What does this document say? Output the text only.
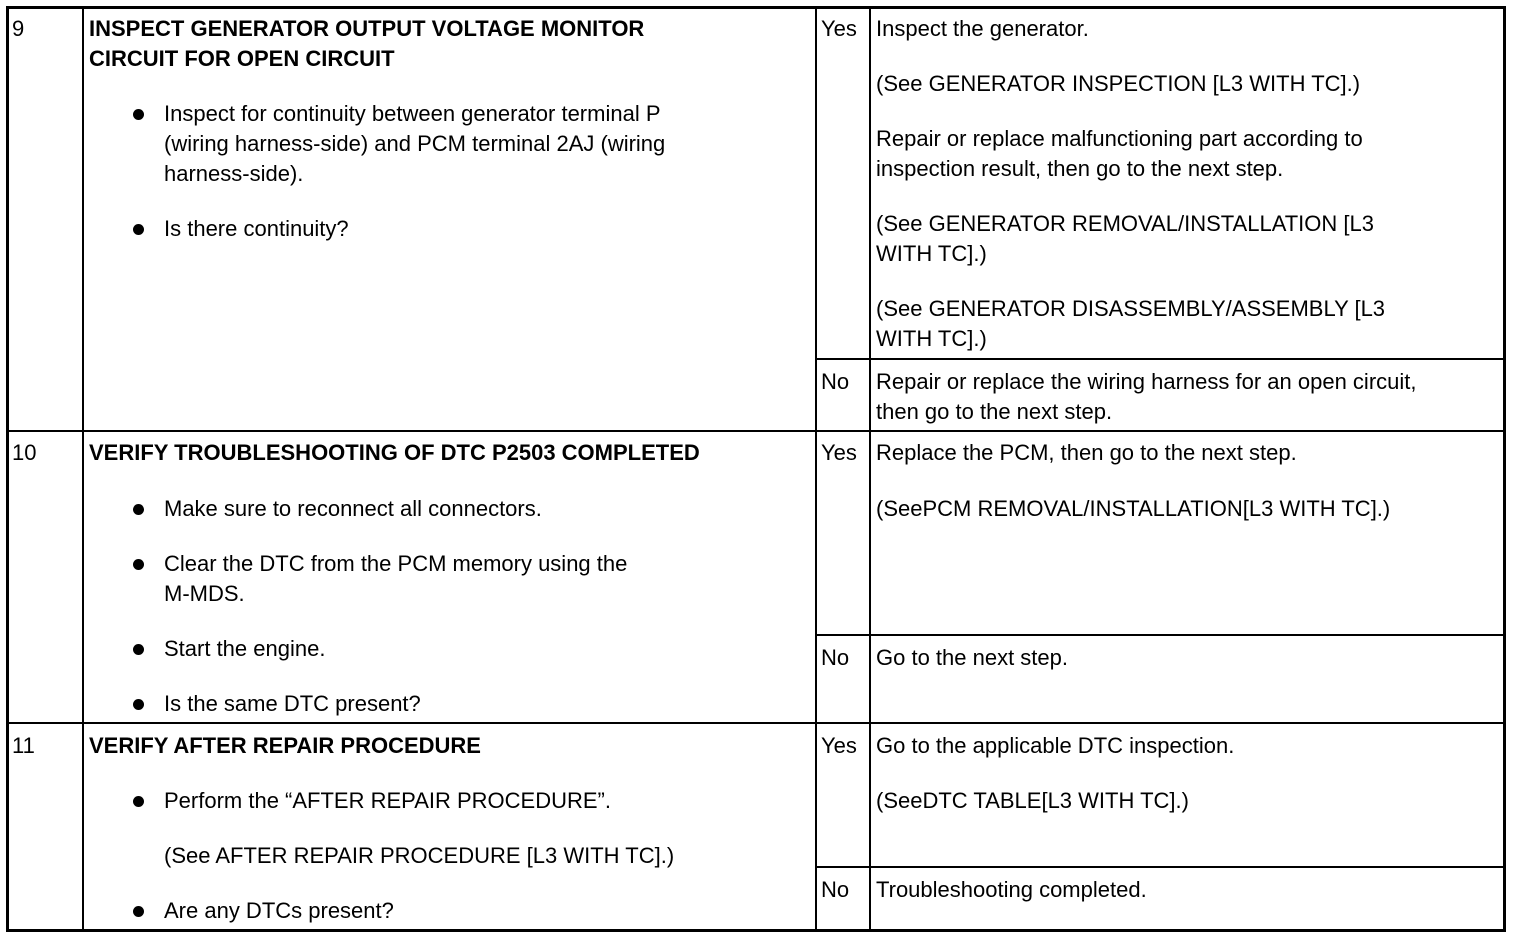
9	INSPECT GENERATOR OUTPUT VOLTAGE MONITOR
CIRCUIT FOR OPEN CIRCUIT
Inspect for continuity between generator terminal P
(wiring harness-side) and PCM terminal 2AJ (wiring
harness-side).
Is there continuity?
Yes Inspect the generator.
(See GENERATOR INSPECTION [L3 WITH TC].)
Repair or replace malfunctioning part according to
inspection result, then go to the next step.
(See GENERATOR REMOVAL/INSTALLATION [L3
WITH TC].)
(See GENERATOR DISASSEMBLY/ASSEMBLY [L3
WITH TC].)
No Repair or replace the wiring harness for an open circuit,
then go to the next step.
10 VERIFY TROUBLESHOOTING OF DTC P2503 COMPLETED
Make sure to reconnect all connectors.
Clear the DTC from the PCM memory using the
M-MDS.
Start the engine.
Is the same DTC present?
Yes Replace the PCM, then go to the next step.
(SeePCM REMOVAL/INSTALLATION[L3 WITH TC].)
No Go to the next step.
11 VERIFY AFTER REPAIR PROCEDURE
Perform the “AFTER REPAIR PROCEDURE”.
(See AFTER REPAIR PROCEDURE [L3 WITH TC].)
Are any DTCs present?
Yes Go to the applicable DTC inspection.
(SeeDTC TABLE[L3 WITH TC].)
No Troubleshooting completed.
